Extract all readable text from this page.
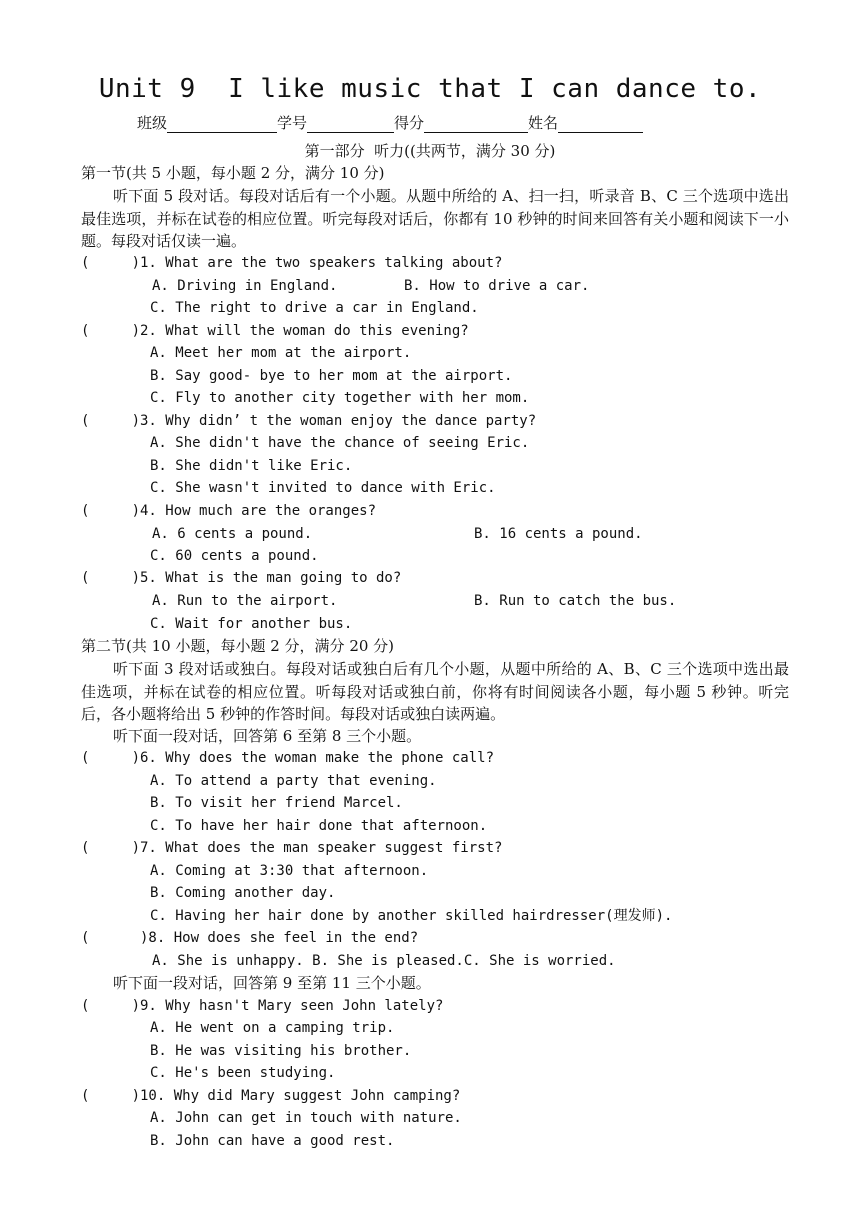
Unit 9  I like music that I can dance to.
班级	学号	得分	姓名
第一部分  听力((共两节，满分 30 分)
第一节(共 5 小题，每小题 2 分，满分 10 分)
听下面 5 段对话。每段对话后有一个小题。从题中所给的 A、扫一扫，听录音 B、C 三个选项中选出最佳选项，并标在试卷的相应位置。听完每段对话后，你都有 10 秒钟的时间来回答有关小题和阅读下一小题。每段对话仅读一遍。
(     )1. What are the two speakers talking about?
A. Driving in England.	B. How to drive a car.
C. The right to drive a car in England.
(     )2. What will the woman do this evening?
A. Meet her mom at the airport.
B. Say good- bye to her mom at the airport.
C. Fly to another city together with her mom.
(     )3. Why didn’ t the woman enjoy the dance party?
A. She didn't have the chance of seeing Eric.
B. She didn't like Eric.
C. She wasn't invited to dance with Eric.
(     )4. How much are the oranges?
A. 6 cents a pound.	B. 16 cents a pound.
C. 60 cents a pound.
(     )5. What is the man going to do?
A. Run to the airport.	B. Run to catch the bus.
C. Wait for another bus.
第二节(共 10 小题，每小题 2 分，满分 20 分)
听下面 3 段对话或独白。每段对话或独白后有几个小题，从题中所给的 A、B、C 三个选项中选出最佳选项，并标在试卷的相应位置。听每段对话或独白前，你将有时间阅读各小题，每小题 5 秒钟。听完后，各小题将给出 5 秒钟的作答时间。每段对话或独白读两遍。
听下面一段对话，回答第 6 至第 8 三个小题。
(     )6. Why does the woman make the phone call?
A. To attend a party that evening.
B. To visit her friend Marcel.
C. To have her hair done that afternoon.
(     )7. What does the man speaker suggest first?
A. Coming at 3:30 that afternoon.
B. Coming another day.
C. Having her hair done by another skilled hairdresser(理发师).
(      )8. How does she feel in the end?
A. She is unhappy. B. She is pleased.C. She is worried.
听下面一段对话，回答第 9 至第 11 三个小题。
(     )9. Why hasn't Mary seen John lately?
A. He went on a camping trip.
B. He was visiting his brother.
C. He's been studying.
(     )10. Why did Mary suggest John camping?
A. John can get in touch with nature.
B. John can have a good rest.
